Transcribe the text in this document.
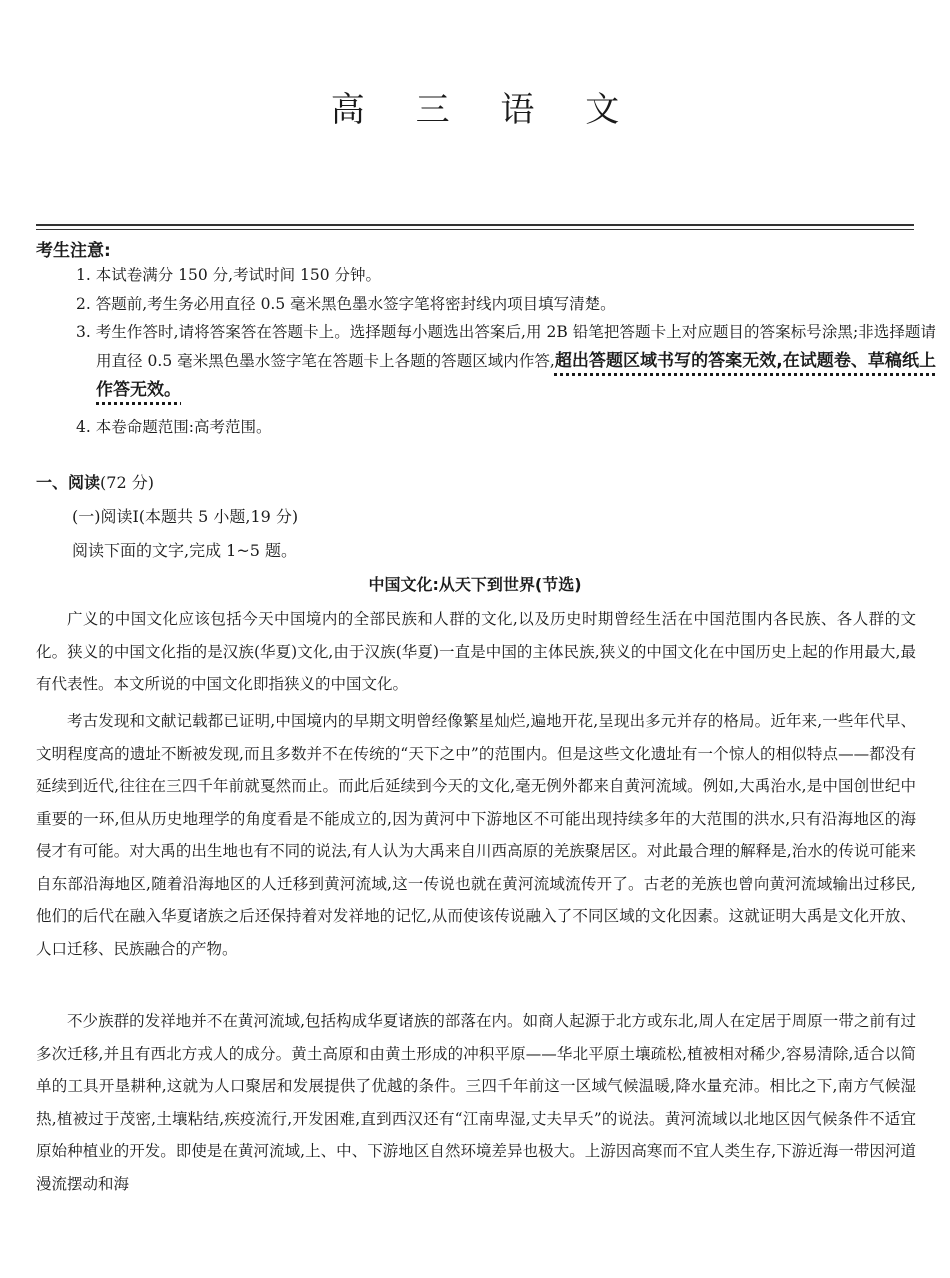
高 三 语 文
考生注意:
1. 本试卷满分 150 分,考试时间 150 分钟。
2. 答题前,考生务必用直径 0.5 毫米黑色墨水签字笔将密封线内项目填写清楚。
3. 考生作答时,请将答案答在答题卡上。选择题每小题选出答案后,用 2B 铅笔把答题卡上对应题目的答案标号涂黑;非选择题请用直径 0.5 毫米黑色墨水签字笔在答题卡上各题的答题区域内作答,超出答题区域书写的答案无效,在试题卷、草稿纸上作答无效。
4. 本卷命题范围:高考范围。
一、阅读(72 分)
(一)阅读Ⅰ(本题共 5 小题,19 分)
阅读下面的文字,完成 1~5 题。
中国文化:从天下到世界(节选)
广义的中国文化应该包括今天中国境内的全部民族和人群的文化,以及历史时期曾经生活在中国范围内各民族、各人群的文化。狭义的中国文化指的是汉族(华夏)文化,由于汉族(华夏)一直是中国的主体民族,狭义的中国文化在中国历史上起的作用最大,最有代表性。本文所说的中国文化即指狭义的中国文化。
考古发现和文献记载都已证明,中国境内的早期文明曾经像繁星灿烂,遍地开花,呈现出多元并存的格局。近年来,一些年代早、文明程度高的遗址不断被发现,而且多数并不在传统的“天下之中”的范围内。但是这些文化遗址有一个惊人的相似特点——都没有延续到近代,往往在三四千年前就戛然而止。而此后延续到今天的文化,毫无例外都来自黄河流域。例如,大禹治水,是中国创世纪中重要的一环,但从历史地理学的角度看是不能成立的,因为黄河中下游地区不可能出现持续多年的大范围的洪水,只有沿海地区的海侵才有可能。对大禹的出生地也有不同的说法,有人认为大禹来自川西高原的羌族聚居区。对此最合理的解释是,治水的传说可能来自东部沿海地区,随着沿海地区的人迁移到黄河流域,这一传说也就在黄河流域流传开了。古老的羌族也曾向黄河流域输出过移民,他们的后代在融入华夏诸族之后还保持着对发祥地的记忆,从而使该传说融入了不同区域的文化因素。这就证明大禹是文化开放、人口迁移、民族融合的产物。
不少族群的发祥地并不在黄河流域,包括构成华夏诸族的部落在内。如商人起源于北方或东北,周人在定居于周原一带之前有过多次迁移,并且有西北方戎人的成分。黄土高原和由黄土形成的冲积平原——华北平原土壤疏松,植被相对稀少,容易清除,适合以简单的工具开垦耕种,这就为人口聚居和发展提供了优越的条件。三四千年前这一区域气候温暖,降水量充沛。相比之下,南方气候湿热,植被过于茂密,土壤粘结,疾疫流行,开发困难,直到西汉还有“江南卑湿,丈夫早夭”的说法。黄河流域以北地区因气候条件不适宜原始种植业的开发。即使是在黄河流域,上、中、下游地区自然环境差异也极大。上游因高寒而不宜人类生存,下游近海一带因河道漫流摆动和海
